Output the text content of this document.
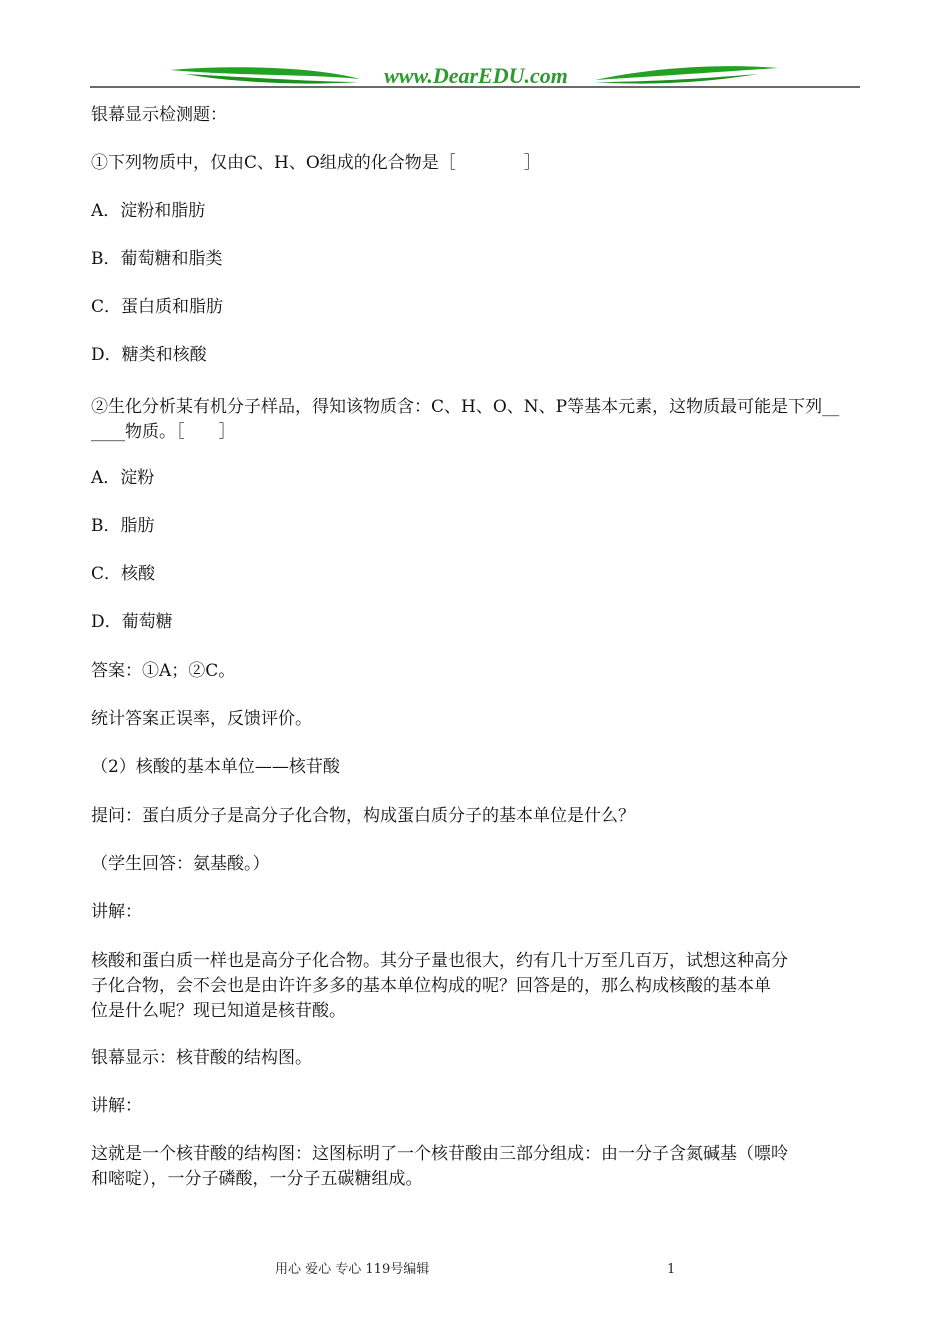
www.DearEDU.com

银幕显示检测题：

①下列物质中，仅由C、H、O组成的化合物是［　　　　］

A．淀粉和脂肪

B．葡萄糖和脂类

C．蛋白质和脂肪

D．糖类和核酸

②生化分析某有机分子样品，得知该物质含：C、H、O、N、P等基本元素，这物质最可能是下列__

____物质。［　　］

A．淀粉

B．脂肪

C．核酸

D．葡萄糖

答案：①A；②C。

统计答案正误率，反馈评价。

（2）核酸的基本单位——核苷酸

提问：蛋白质分子是高分子化合物，构成蛋白质分子的基本单位是什么？

（学生回答：氨基酸。）

讲解：

核酸和蛋白质一样也是高分子化合物。其分子量也很大，约有几十万至几百万，试想这种高分

子化合物，会不会也是由许许多多的基本单位构成的呢？回答是的，那么构成核酸的基本单

位是什么呢？现已知道是核苷酸。

银幕显示：核苷酸的结构图。

讲解：

这就是一个核苷酸的结构图：这图标明了一个核苷酸由三部分组成：由一分子含氮碱基（嘌呤

和嘧啶），一分子磷酸，一分子五碳糖组成。

用心 爱心 专心 119号编辑	1
